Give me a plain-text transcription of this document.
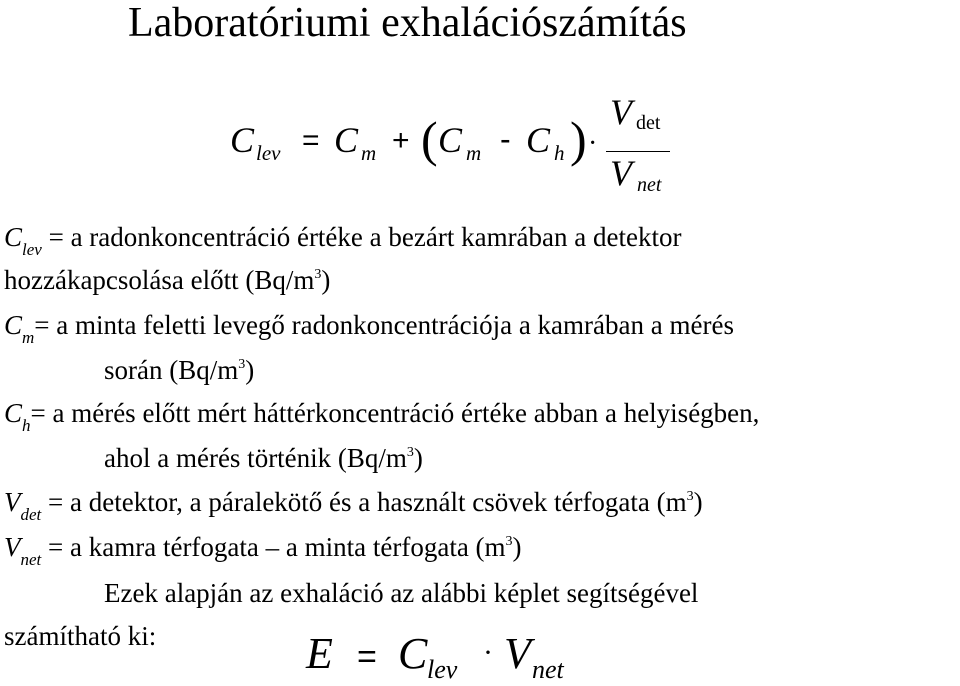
Laboratóriumi exhalációszámítás
C lev = C m + ( C m - C h ) ·
V det
V net
$C_{lev} = a$ radonkoncentráció értéke a bezárt kamrában a detektor
hozzákapcsolása előtt $(Bq/m^3)$
$C_m= a$ minta feletti levegő radonkoncentrációja a kamrában a mérés
során $(Bq/m^3)$
$C_h= a$ mérés előtt mért háttérkoncentráció értéke abban a helyiségben,
ahol a mérés történik $(Bq/m^3)$
$V_{det} = a$ detektor, a páralekötő és a használt csövek térfogata $(m^3)$
$V_{net} = a$ kamra térfogata – a minta térfogata $(m^3)$
Ezek alapján az exhaláció az alábbi képlet segítségével
számítható ki:	E = C lev
· V net
